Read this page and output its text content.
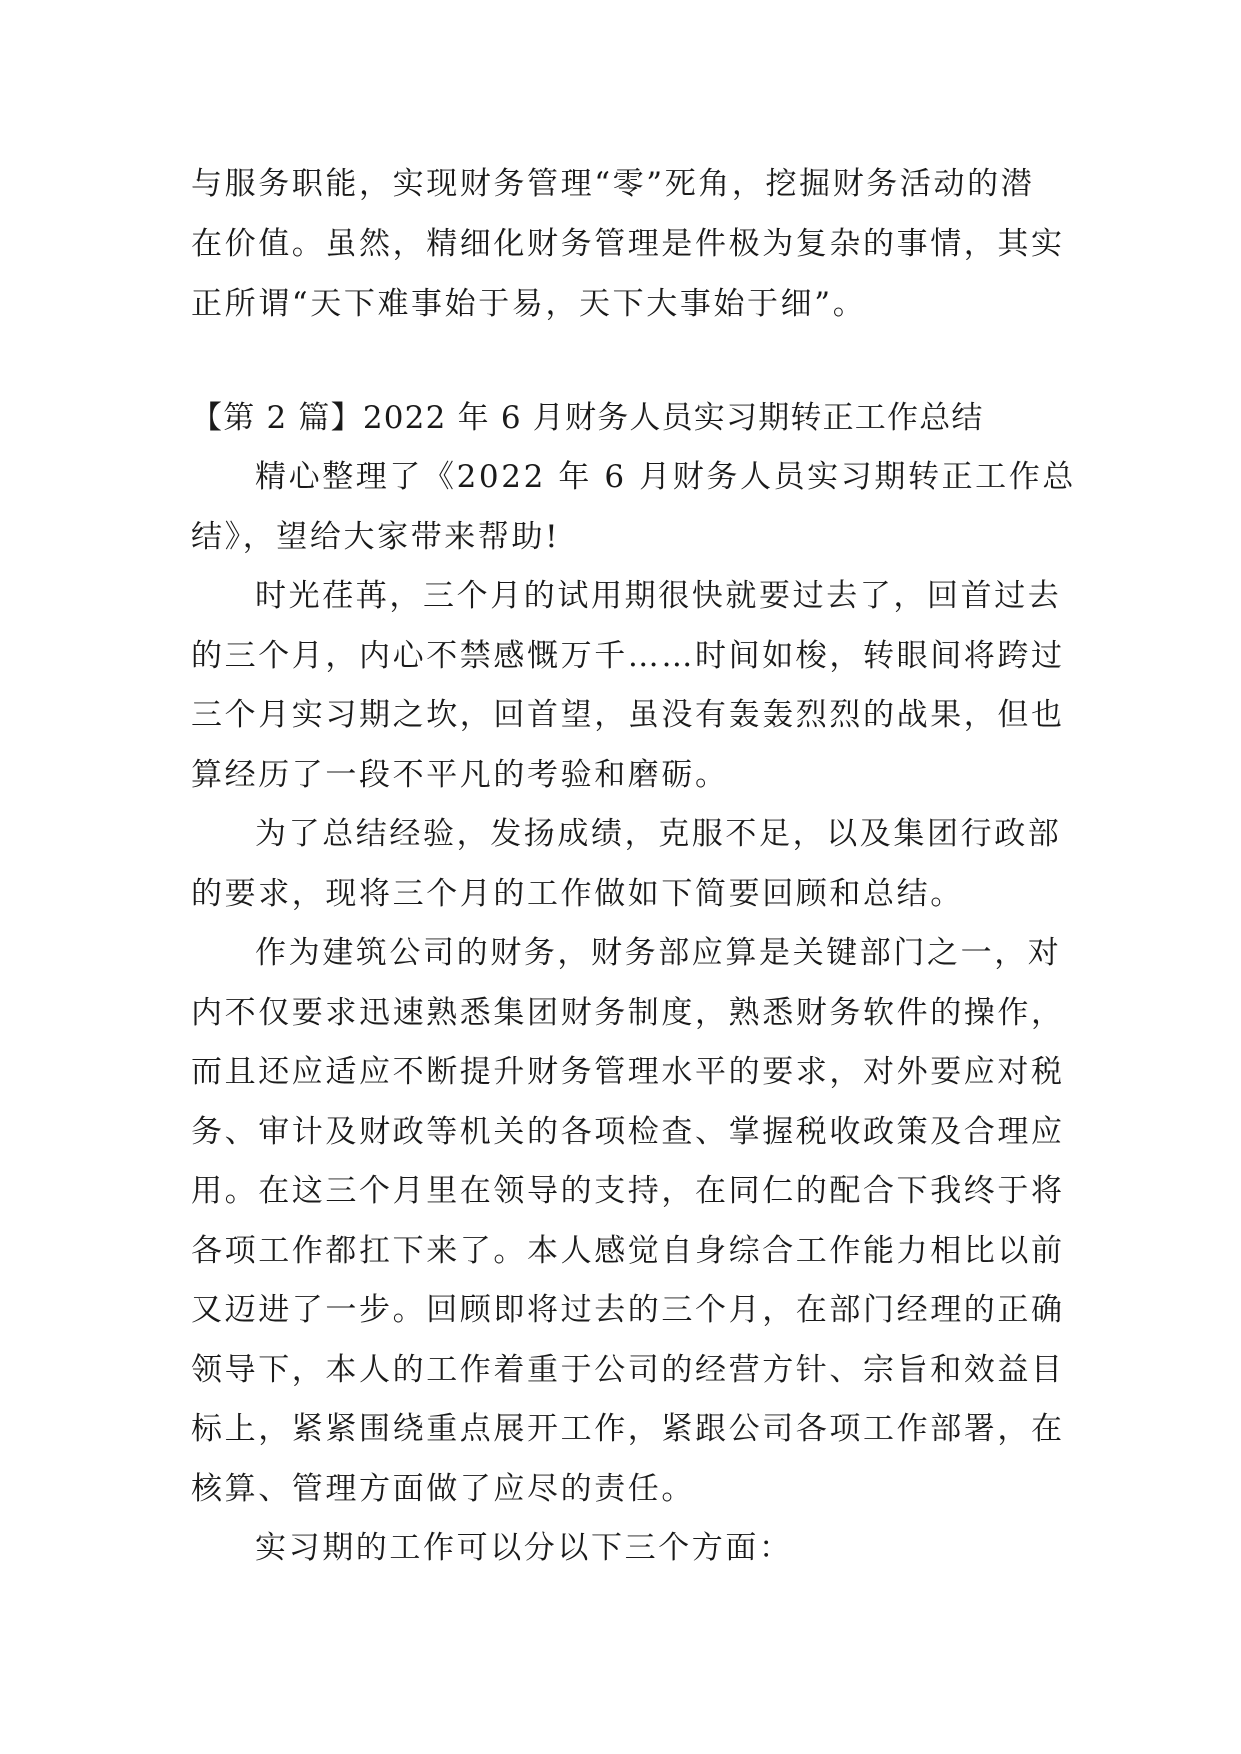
与服务职能，实现财务管理“零”死角，挖掘财务活动的潜
在价值。虽然，精细化财务管理是件极为复杂的事情，其实
正所谓“天下难事始于易，天下大事始于细”。
【第 2 篇】2022 年 6 月财务人员实习期转正工作总结
精心整理了《2022 年 6 月财务人员实习期转正工作总
结》，望给大家带来帮助!
时光荏苒，三个月的试用期很快就要过去了，回首过去
的三个月，内心不禁感慨万千……时间如梭，转眼间将跨过
三个月实习期之坎，回首望，虽没有轰轰烈烈的战果，但也
算经历了一段不平凡的考验和磨砺。
为了总结经验，发扬成绩，克服不足，以及集团行政部
的要求，现将三个月的工作做如下简要回顾和总结。
作为建筑公司的财务，财务部应算是关键部门之一，对
内不仅要求迅速熟悉集团财务制度，熟悉财务软件的操作，
而且还应适应不断提升财务管理水平的要求，对外要应对税
务、审计及财政等机关的各项检查、掌握税收政策及合理应
用。在这三个月里在领导的支持，在同仁的配合下我终于将
各项工作都扛下来了。本人感觉自身综合工作能力相比以前
又迈进了一步。回顾即将过去的三个月，在部门经理的正确
领导下，本人的工作着重于公司的经营方针、宗旨和效益目
标上，紧紧围绕重点展开工作，紧跟公司各项工作部署，在
核算、管理方面做了应尽的责任。
实习期的工作可以分以下三个方面：
